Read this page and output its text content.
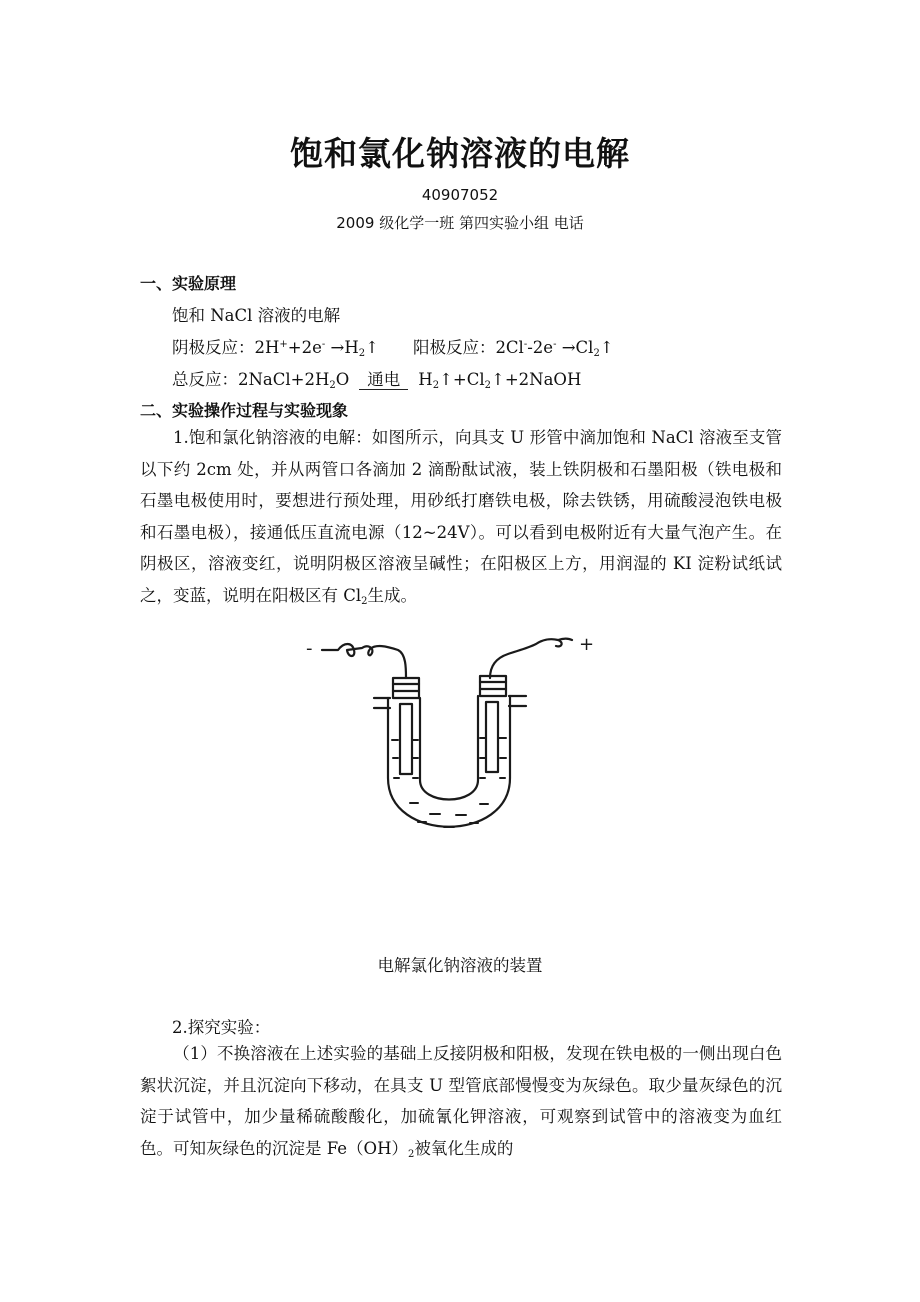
饱和氯化钠溶液的电解
40907052
2009 级化学一班 第四实验小组 电话
一、实验原理
饱和 NaCl 溶液的电解
阴极反应：$2H^++2e^- \to H_2↑$ 阳极反应：$2Cl^--2e^- \to Cl_2↑$
总反应：$2NaCl+2H_2O$ 通电 $H_2↑+Cl_2↑+2NaOH$
二、实验操作过程与实验现象
1.饱和氯化钠溶液的电解：如图所示，向具支 U 形管中滴加饱和 NaCl 溶液至支管以下约 2cm 处，并从两管口各滴加 2 滴酚酞试液，装上铁阴极和石墨阳极（铁电极和石墨电极使用时，要想进行预处理，用砂纸打磨铁电极，除去铁锈，用硫酸浸泡铁电极和石墨电极），接通低压直流电源（12~24V）。可以看到电极附近有大量气泡产生。在阴极区，溶液变红，说明阴极区溶液呈碱性；在阳极区上方，用润湿的 KI 淀粉试纸试之，变蓝，说明在阳极区有 $Cl_2$生成。
-	+
电解氯化钠溶液的装置
2.探究实验：
（1）不换溶液在上述实验的基础上反接阴极和阳极，发现在铁电极的一侧出现白色絮状沉淀，并且沉淀向下移动，在具支 U 型管底部慢慢变为灰绿色。取少量灰绿色的沉淀于试管中，加少量稀硫酸酸化，加硫氰化钾溶液，可观察到试管中的溶液变为血红色。可知灰绿色的沉淀是 $Fe(OH)_2$被氧化生成的
